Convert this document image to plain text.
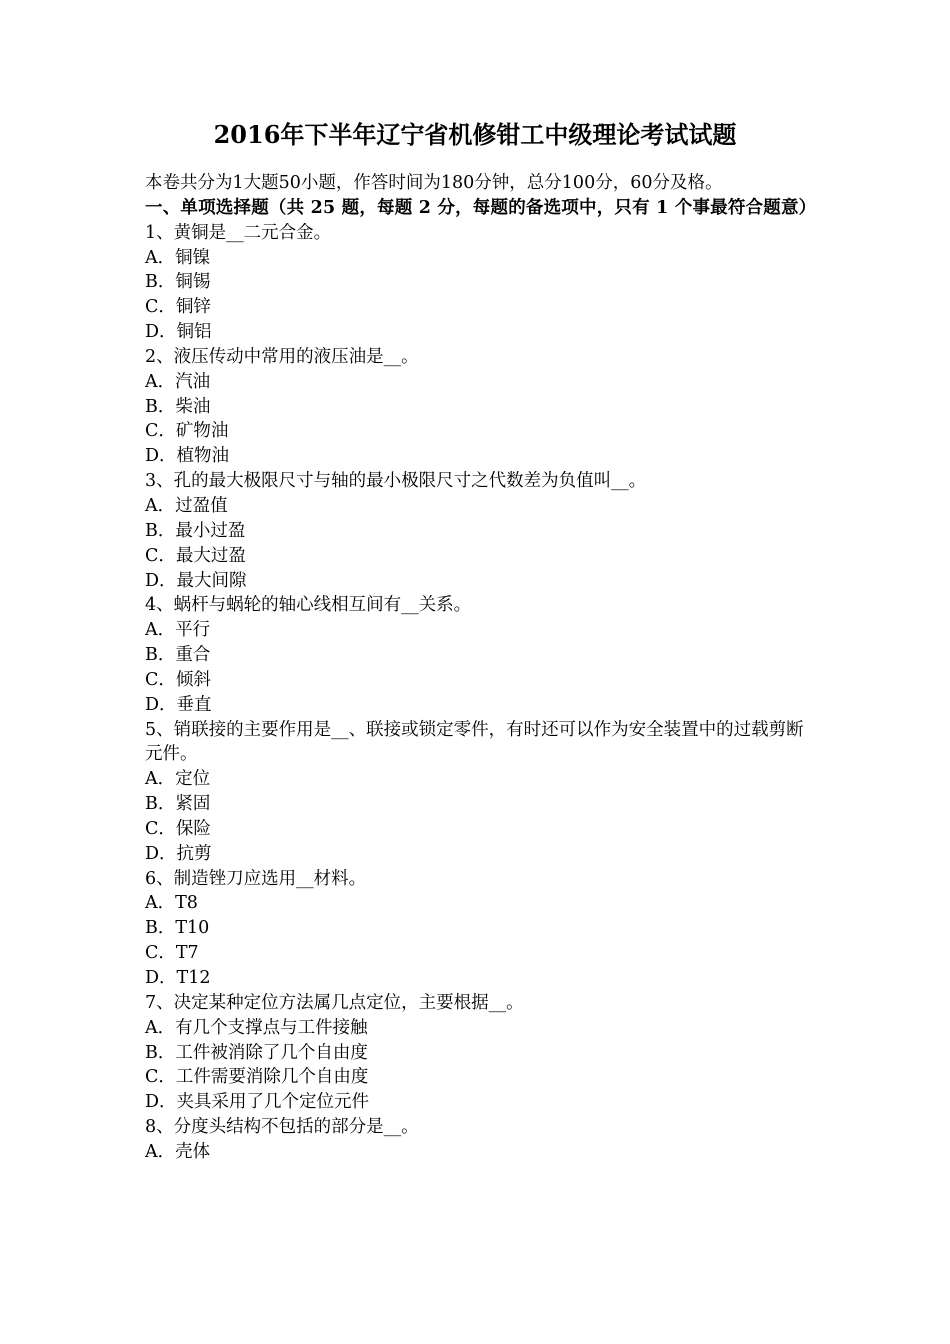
2016年下半年辽宁省机修钳工中级理论考试试题
本卷共分为1大题50小题，作答时间为180分钟，总分100分，60分及格。
一、单项选择题（共 25 题，每题 2 分，每题的备选项中，只有 1 个事最符合题意）
1、黄铜是__二元合金。
A．铜镍
B．铜锡
C．铜锌
D．铜铝
2、液压传动中常用的液压油是__。
A．汽油
B．柴油
C．矿物油
D．植物油
3、孔的最大极限尺寸与轴的最小极限尺寸之代数差为负值叫__。
A．过盈值
B．最小过盈
C．最大过盈
D．最大间隙
4、蜗杆与蜗轮的轴心线相互间有__关系。
A．平行
B．重合
C．倾斜
D．垂直
5、销联接的主要作用是__、联接或锁定零件，有时还可以作为安全装置中的过载剪断元件。
A．定位
B．紧固
C．保险
D．抗剪
6、制造锉刀应选用__材料。
A．T8
B．T10
C．T7
D．T12
7、决定某种定位方法属几点定位，主要根据__。
A．有几个支撑点与工件接触
B．工件被消除了几个自由度
C．工件需要消除几个自由度
D．夹具采用了几个定位元件
8、分度头结构不包括的部分是__。
A．壳体
